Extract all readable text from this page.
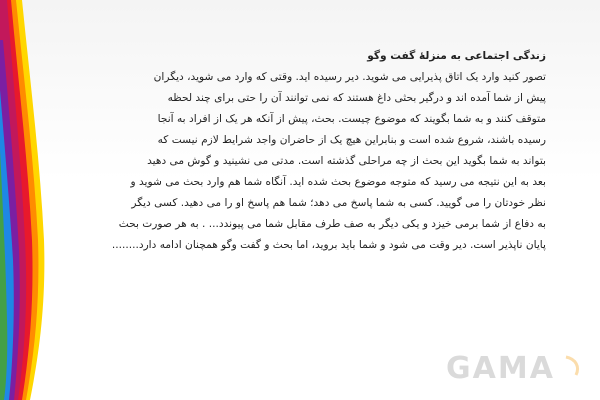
زندگی اجتماعی به منزلهٔ گفت وگو
تصور کنید وارد یک اتاق پذیرایی می شوید. دیر رسیده اید. وقتی که وارد می شوید، دیگران
پیش از شما آمده اند و درگیر بحثی داغ هستند که نمی توانند آن را حتی برای چند لحظه
متوقف کنند و به شما بگویند که موضوع چیست. بحث، پیش از آنکه هر یک از افراد به آنجا
رسیده باشند، شروع شده است و بنابراین هیچ یک از حاضران واجد شرایط لازم نیست که
بتواند به شما بگوید این بحث از چه مراحلی گذشته است. مدتی می نشینید و گوش می دهید
بعد به این نتیجه می رسید که متوجه موضوع بحث شده اید. آنگاه شما هم وارد بحث می شوید و
نظر خودتان را می گویید. کسی به شما پاسخ می دهد؛ شما هم پاسخ او را می دهید. کسی دیگر
به دفاع از شما برمی خیزد و یکی دیگر به صف طرف مقابل شما می پیوندد... . به هر صورت بحث
پایان ناپذیر است. دیر وقت می شود و شما باید بروید، اما بحث و گفت وگو همچنان ادامه دارد........
GAMA
